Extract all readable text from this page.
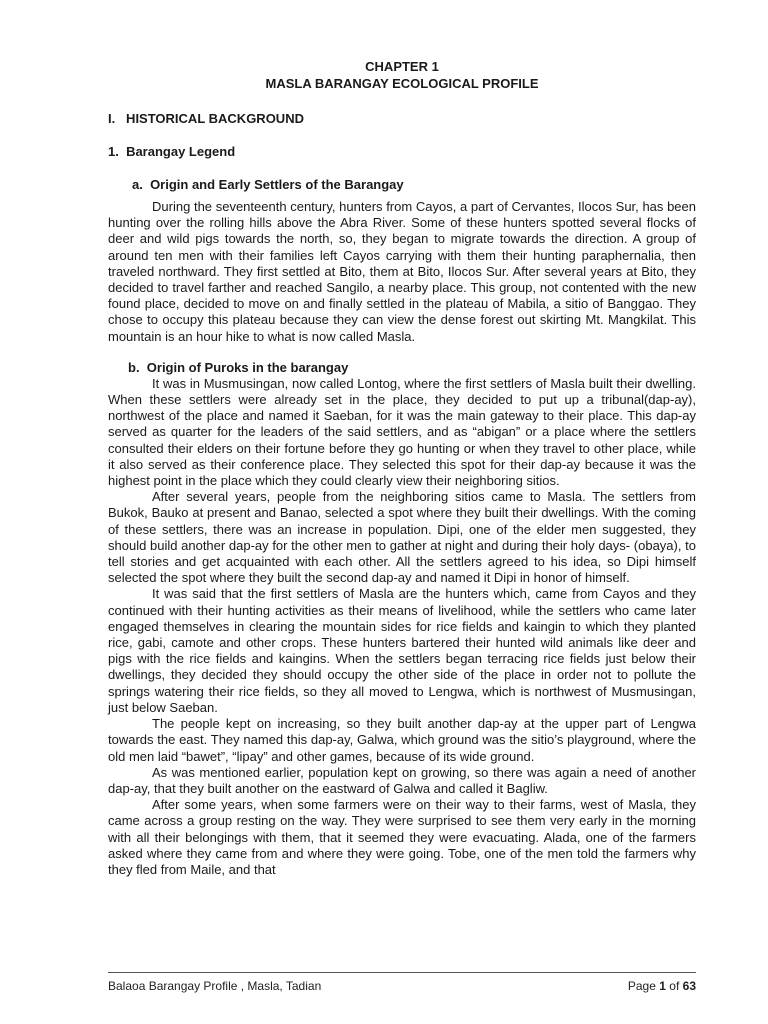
CHAPTER 1
MASLA BARANGAY ECOLOGICAL PROFILE
I.   HISTORICAL BACKGROUND
1.  Barangay Legend
a.  Origin and Early Settlers of the Barangay

During the seventeenth century, hunters from Cayos, a part of Cervantes, Ilocos Sur, has been hunting over the rolling hills above the Abra River. Some of these hunters spotted several flocks of deer and wild pigs towards the north, so, they began to migrate towards the direction. A group of around ten men with their families left Cayos carrying with them their hunting paraphernalia, then traveled northward. They first settled at Bito, them at Bito, Ilocos Sur. After several years at Bito, they decided to travel farther and reached Sangilo, a nearby place. This group, not contented with the new found place, decided to move on and finally settled in the plateau of Mabila, a sitio of Banggao. They chose to occupy this plateau because they can view the dense forest out skirting Mt. Mangkilat. This mountain is an hour hike to what is now called Masla.

b.  Origin of Puroks in the barangay

It was in Musmusingan, now called Lontog, where the first settlers of Masla built their dwelling. When these settlers were already set in the place, they decided to put up a tribunal(dap-ay), northwest of the place and named it Saeban, for it was the main gateway to their place. This dap-ay served as quarter for the leaders of the said settlers, and as “abigan” or a place where the settlers consulted their elders on their fortune before they go hunting or when they travel to other place, while it also served as their conference place. They selected this spot for their dap-ay because it was the highest point in the place which they could clearly view their neighboring sitios.

After several years, people from the neighboring sitios came to Masla. The settlers from Bukok, Bauko at present and Banao, selected a spot where they built their dwellings. With the coming of these settlers, there was an increase in population. Dipi, one of the elder men suggested, they should build another dap-ay for the other men to gather at night and during their holy days- (obaya), to tell stories and get acquainted with each other. All the settlers agreed to his idea, so Dipi himself selected the spot where they built the second dap-ay and named it Dipi in honor of himself.

It was said that the first settlers of Masla are the hunters which, came from Cayos and they continued with their hunting activities as their means of livelihood, while the settlers who came later engaged themselves in clearing the mountain sides for rice fields and kaingin to which they planted rice, gabi, camote and other crops. These hunters bartered their hunted wild animals like deer and pigs with the rice fields and kaingins. When the settlers began terracing rice fields just below their dwellings, they decided they should occupy the other side of the place in order not to pollute the springs watering their rice fields, so they all moved to Lengwa, which is northwest of Musmusingan, just below Saeban.

The people kept on increasing, so they built another dap-ay at the upper part of Lengwa towards the east. They named this dap-ay, Galwa, which ground was the sitio’s playground, where the old men laid “bawet”, “lipay” and other games, because of its wide ground.

As was mentioned earlier, population kept on growing, so there was again a need of another dap-ay, that they built another on the eastward of Galwa and called it Bagliw.

After some years, when some farmers were on their way to their farms, west of Masla, they came across a group resting on the way. They were surprised to see them very early in the morning with all their belongings with them, that it seemed they were evacuating. Alada, one of the farmers asked where they came from and where they were going. Tobe, one of the men told the farmers why they fled from Maile, and that

Balaoa Barangay Profile , Masla, Tadian	Page 1 of 63
